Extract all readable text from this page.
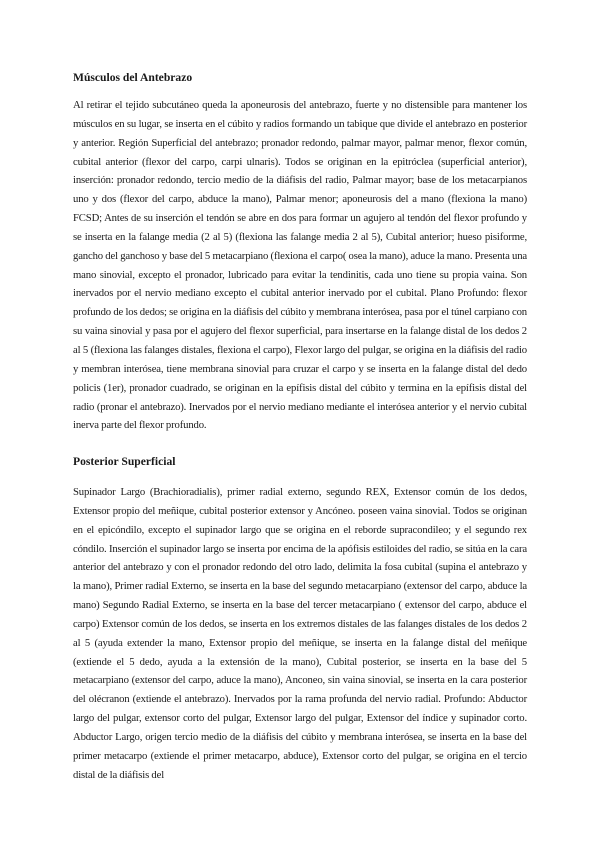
Músculos del Antebrazo

Al retirar el tejido subcutáneo queda la aponeurosis del antebrazo, fuerte y no distensible para mantener los músculos en su lugar, se inserta en el cúbito y radios formando un tabique que divide el antebrazo en posterior y anterior. Región Superficial del antebrazo; pronador redondo, palmar mayor, palmar menor, flexor común, cubital anterior (flexor del carpo, carpi ulnaris). Todos se originan en la epitróclea (superficial anterior), inserción: pronador redondo, tercio medio de la diáfisis del radio, Palmar mayor; base de los metacarpianos uno y dos (flexor del carpo, abduce la mano), Palmar menor; aponeurosis del a mano (flexiona la mano) FCSD; Antes de su inserción el tendón se abre en dos para formar un agujero al tendón del flexor profundo y se inserta en la falange media (2 al 5) (flexiona las falange media 2 al 5), Cubital anterior; hueso pisiforme, gancho del ganchoso y base del 5 metacarpiano (flexiona el carpo( osea la mano), aduce la mano. Presenta una mano sinovial, excepto el pronador, lubricado para evitar la tendinitis, cada uno tiene su propia vaina. Son inervados por el nervio mediano excepto el cubital anterior inervado por el cubital. Plano Profundo: flexor profundo de los dedos; se origina en la diáfisis del cúbito y membrana interósea, pasa por el túnel carpiano con su vaina sinovial y pasa por el agujero del flexor superficial, para insertarse en la falange distal de los dedos 2 al 5 (flexiona las falanges distales, flexiona el carpo), Flexor largo del pulgar, se origina en la diáfisis del radio y membran interósea, tiene membrana sinovial para cruzar el carpo y se inserta en la falange distal del dedo policis (1er), pronador cuadrado, se originan en la epífisis distal del cúbito y termina en la epífisis distal del radio (pronar el antebrazo). Inervados por el nervio mediano mediante el interósea anterior y el nervio cubital inerva parte del flexor profundo.

Posterior Superficial

Supinador Largo (Brachioradialis), primer radial externo, segundo REX, Extensor común de los dedos, Extensor propio del meñique, cubital posterior extensor y Ancóneo. poseen vaina sinovial. Todos se originan en el epicóndilo, excepto el supinador largo que se origina en el reborde supracondileo; y el segundo rex cóndilo. Inserción el supinador largo se inserta por encima de la apófisis estiloides del radio, se sitúa en la cara anterior del antebrazo y con el pronador redondo del otro lado, delimita la fosa cubital (supina el antebrazo y la mano), Primer radial Externo, se inserta en la base del segundo metacarpiano (extensor del carpo, abduce la mano) Segundo Radial Externo, se inserta en la base del tercer metacarpiano ( extensor del carpo, abduce el carpo) Extensor común de los dedos, se inserta en los extremos distales de las falanges distales de los dedos 2 al 5 (ayuda extender la mano, Extensor propio del meñique, se inserta en la falange distal del meñique (extiende el 5 dedo, ayuda a la extensión de la mano), Cubital posterior, se inserta en la base del 5 metacarpiano (extensor del carpo, aduce la mano), Anconeo, sin vaina sinovial, se inserta en la cara posterior del olécranon (extiende el antebrazo). Inervados por la rama profunda del nervio radial. Profundo: Abductor largo del pulgar, extensor corto del pulgar, Extensor largo del pulgar, Extensor del índice y supinador corto. Abductor Largo, origen tercio medio de la diáfisis del cúbito y membrana interósea, se inserta en la base del primer metacarpo (extiende el primer metacarpo, abduce), Extensor corto del pulgar, se origina en el tercio distal de la diáfisis del
